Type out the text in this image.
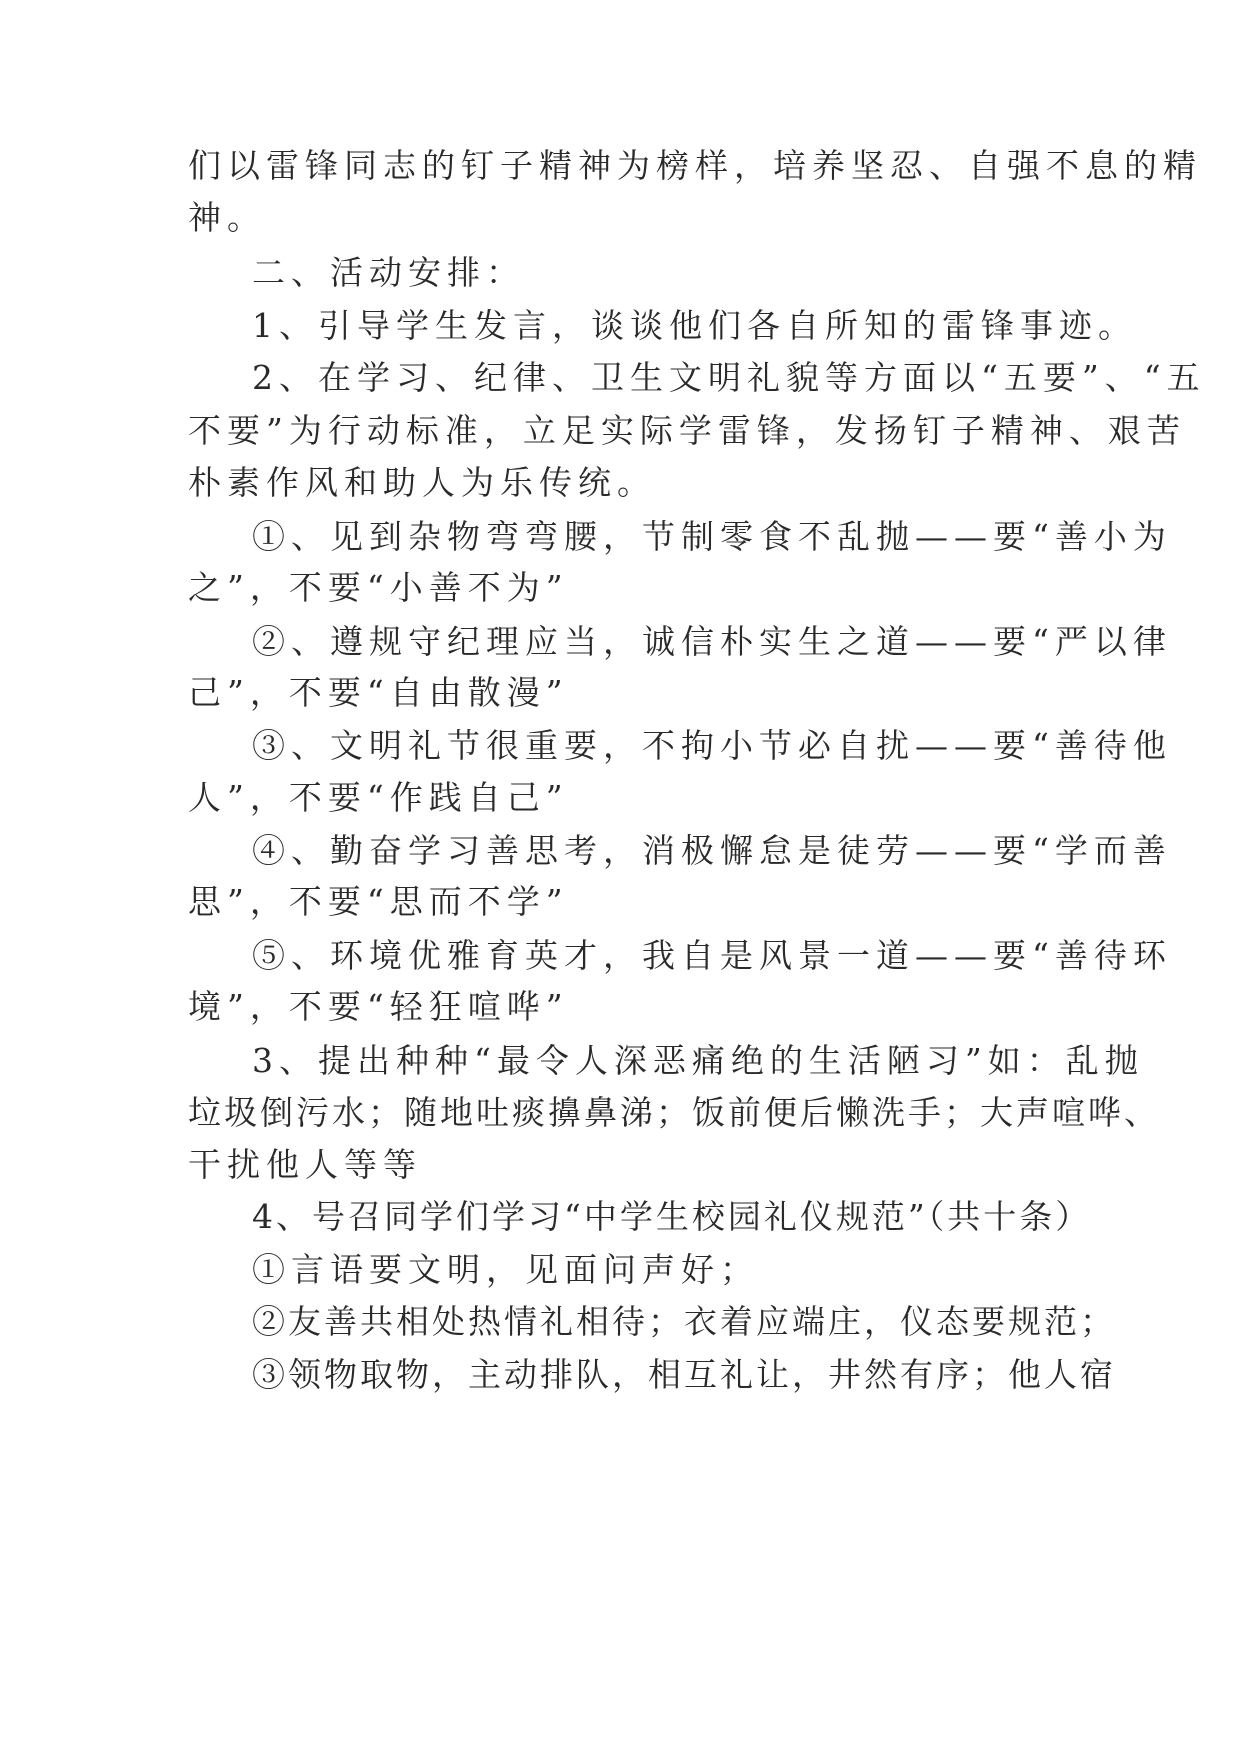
们以雷锋同志的钉子精神为榜样，培养坚忍、自强不息的精
神。
二、活动安排：
1、引导学生发言，谈谈他们各自所知的雷锋事迹。
2、在学习、纪律、卫生文明礼貌等方面以“五要”、“五
不要”为行动标准，立足实际学雷锋，发扬钉子精神、艰苦
朴素作风和助人为乐传统。
①、见到杂物弯弯腰，节制零食不乱抛——要“善小为
之”，不要“小善不为”
②、遵规守纪理应当，诚信朴实生之道——要“严以律
己”，不要“自由散漫”
③、文明礼节很重要，不拘小节必自扰——要“善待他
人”，不要“作践自己”
④、勤奋学习善思考，消极懈怠是徒劳——要“学而善
思”，不要“思而不学”
⑤、环境优雅育英才，我自是风景一道——要“善待环
境”，不要“轻狂喧哗”
3、提出种种“最令人深恶痛绝的生活陋习”如：乱抛
垃圾倒污水；随地吐痰擤鼻涕；饭前便后懒洗手；大声喧哗、
干扰他人等等
4、号召同学们学习“中学生校园礼仪规范”（共十条）
①言语要文明，见面问声好；
②友善共相处热情礼相待；衣着应端庄，仪态要规范；
③领物取物，主动排队，相互礼让，井然有序；他人宿
